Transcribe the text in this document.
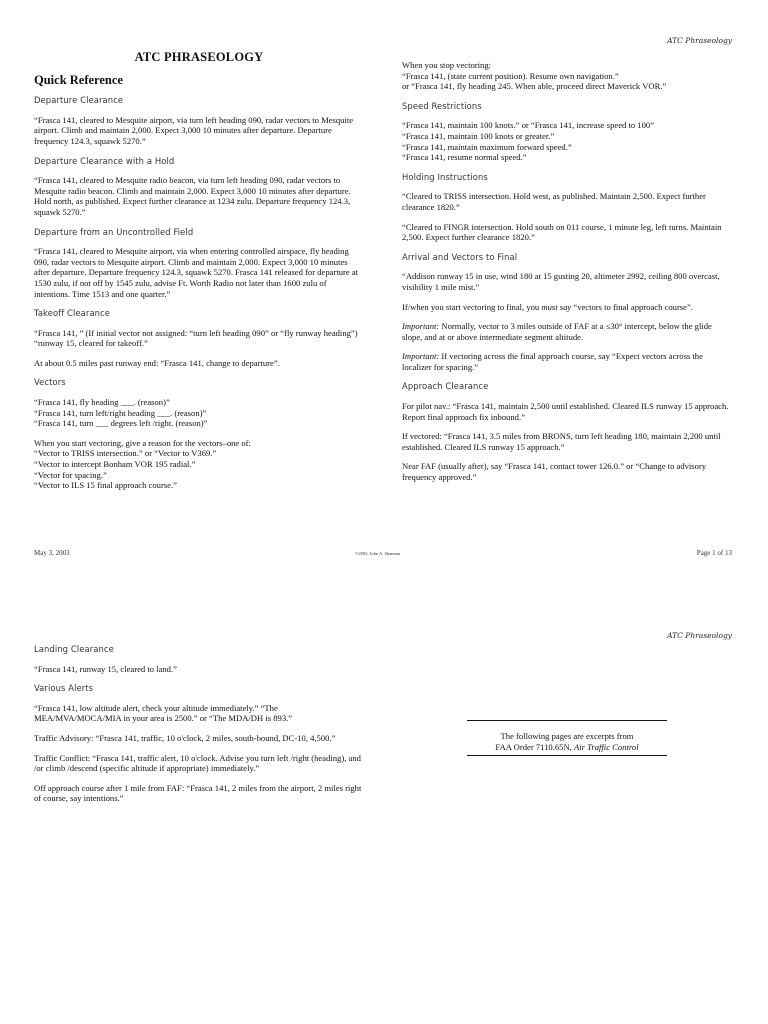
ATC Phraseology
ATC PHRASEOLOGY
Quick Reference
Departure Clearance
“Frasca 141, cleared to Mesquite airport, via turn left heading 090, radar vectors to Mesquite airport. Climb and maintain 2,000. Expect 3,000 10 minutes after departure. Departure frequency 124.3, squawk 5270.”
Departure Clearance with a Hold
“Frasca 141, cleared to Mesquite radio beacon, via turn left heading 090, radar vectors to Mesquite radio beacon. Climb and maintain 2,000. Expect 3,000 10 minutes after departure. Hold north, as published. Expect further clearance at 1234 zulu. Departure frequency 124.3, squawk 5270.”
Departure from an Uncontrolled Field
“Frasca 141, cleared to Mesquite airport, via when entering controlled airspace, fly heading 090, radar vectors to Mesquite airport. Climb and maintain 2,000. Expect 3,000 10 minutes after departure. Departure frequency 124.3, squawk 5270. Frasca 141 released for departure at 1530 zulu, if not off by 1545 zulu, advise Ft. Worth Radio not later than 1600 zulu of intentions. Time 1513 and one quarter.”
Takeoff Clearance
“Frasca 141, ” (If initial vector not assigned: “turn left heading 090” or “fly runway heading”) “runway 15, cleared for takeoff.”
At about 0.5 miles past runway end: “Frasca 141, change to departure”.
Vectors
“Frasca 141, fly heading ___. (reason)”
“Frasca 141, turn left/right heading ___. (reason)”
“Frasca 141, turn ___ degrees left /right. (reason)”
When you start vectoring, give a reason for the vectors–one of:
“Vector to TRISS intersection.” or “Vector to V369.”
“Vector to intercept Bonham VOR 195 radial.”
“Vector for spacing.”
“Vector to ILS 15 final approach course.”
When you stop vectoring:
“Frasca 141, (state current position). Resume own navigation.”
or “Frasca 141, fly heading 245. When able, proceed direct Maverick VOR.”
Speed Restrictions
“Frasca 141, maintain 100 knots.” or “Frasca 141, increase speed to 100”
“Frasca 141, maintain 100 knots or greater.”
“Frasca 141, maintain maximum forward speed.”
“Frasca 141, resume normal speed.”
Holding Instructions
“Cleared to TRISS intersection. Hold west, as published. Maintain 2,500. Expect further clearance 1820.”
“Cleared to FINGR intersection. Hold south on 011 course, 1 minute leg, left turns. Maintain 2,500. Expect further clearance 1820.”
Arrival and Vectors to Final
“Addison runway 15 in use, wind 180 at 15 gusting 20, altimeter 2992, ceiling 800 overcast, visibility 1 mile mist.”
If/when you start vectoring to final, you must say “vectors to final approach course”.
Important: Normally, vector to 3 miles outside of FAF at a ≤30° intercept, below the glide slope, and at or above intermediate segment altitude.
Important: If vectoring across the final approach course, say “Expect vectors across the localizer for spacing.”
Approach Clearance
For pilot nav.: “Frasca 141, maintain 2,500 until established. Cleared ILS runway 15 approach. Report final approach fix inbound.”
If vectored: “Frasca 141, 3.5 miles from BRONS, turn left heading 180, maintain 2,200 until established. Cleared ILS runway 15 approach.”
Near FAF (usually after), say “Frasca 141, contact tower 126.0.” or “Change to advisory frequency approved.”
May 3, 2003	©2003, John A. Shannon	Page 1 of 13
ATC Phraseology
Landing Clearance
“Frasca 141, runway 15, cleared to land.”
Various Alerts
“Frasca 141, low altitude alert, check your altitude immediately.” “The MEA/MVA/MOCA/MIA in your area is 2500.” or “The MDA/DH is 893.”
Traffic Advisory: “Frasca 141, traffic, 10 o'clock, 2 miles, south-bound, DC-10, 4,500.”
Traffic Conflict: “Frasca 141, traffic alert, 10 o'clock. Advise you turn left /right (heading), and /or climb /descend (specific altitude if appropriate) immediately.”
Off approach course after 1 mile from FAF: “Frasca 141, 2 miles from the airport, 2 miles right of course, say intentions.”
The following pages are excerpts from
FAA Order 7110.65N, Air Traffic Control
